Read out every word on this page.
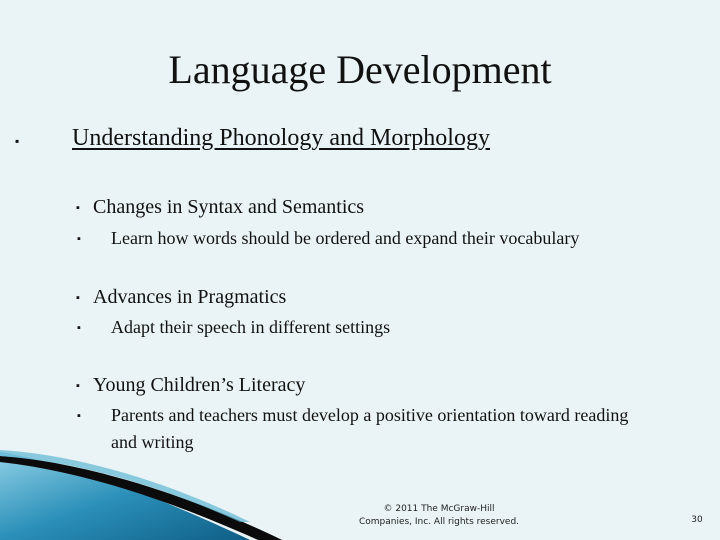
Language Development
▪	Understanding Phonology and Morphology
▪ Changes in Syntax and Semantics
▪ Learn how words should be ordered and expand their vocabulary
▪ Advances in Pragmatics
▪ Adapt their speech in different settings
▪ Young Children’s Literacy
▪ Parents and teachers must develop a positive orientation toward reading and writing
© 2011 The McGraw-Hill
Companies, Inc. All rights reserved.	30
